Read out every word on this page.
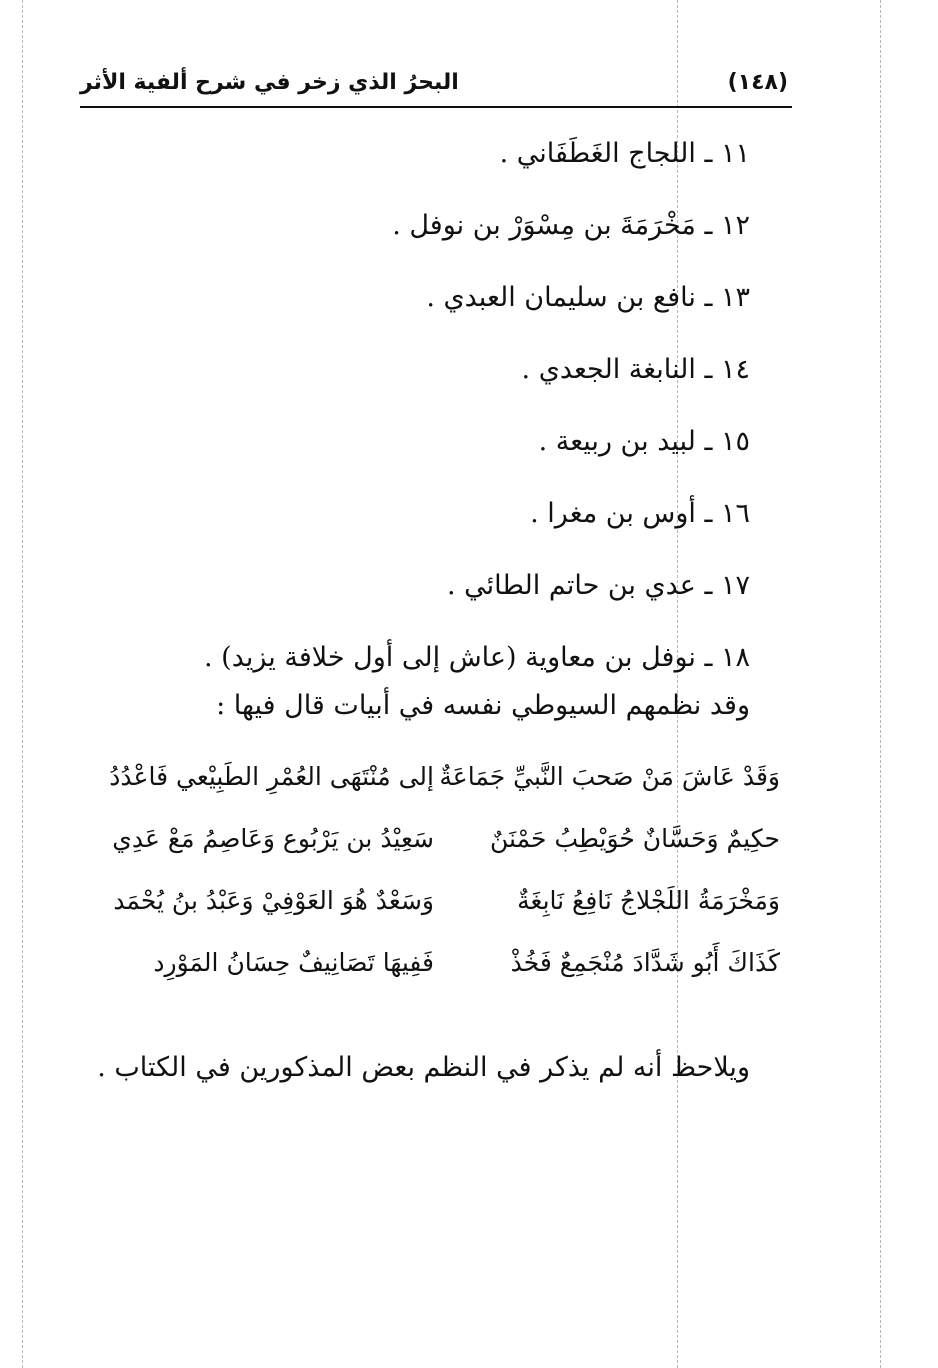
البحرُ الذي زخر في شرح ألفية الأثر	(١٤٨)
١١ ـ اللجاج الغَطَفَاني .
١٢ ـ مَخْرَمَةَ بن مِسْوَرْ بن نوفل .
١٣ ـ نافع بن سليمان العبدي .
١٤ ـ النابغة الجعدي .
١٥ ـ لبيد بن ربيعة .
١٦ ـ أوس بن مغرا .
١٧ ـ عدي بن حاتم الطائي .
١٨ ـ نوفل بن معاوية (عاش إلى أول خلافة يزيد) .
وقد نظمهم السيوطي نفسه في أبيات قال فيها :
وَقَدْ عَاشَ مَنْ صَحبَ النَّبيِّ جَمَاعَةٌ
إلى مُنْتَهَى العُمْرِ الطَبِيْعي فَاعْدُدُ
حكِيمٌ وَحَسَّانٌ حُوَيْطِبُ حَمْنَنٌ
سَعِيْدُ بن يَرْبُوع وَعَاصِمُ مَعْ عَدِي
وَمَخْرَمَةُ اللَجْلاجُ نَافِعُ نَابِغَةٌ
وَسَعْدٌ هُوَ العَوْفِيْ وَعَبْدُ بنُ يُحْمَد
كَذَاكَ أَبُو شَدَّادَ مُنْجَمِعٌ فَخُذْ
فَفِيهَا تَصَانِيفٌ حِسَانُ المَوْرِد
ويلاحظ أنه لم يذكر في النظم بعض المذكورين في الكتاب .
